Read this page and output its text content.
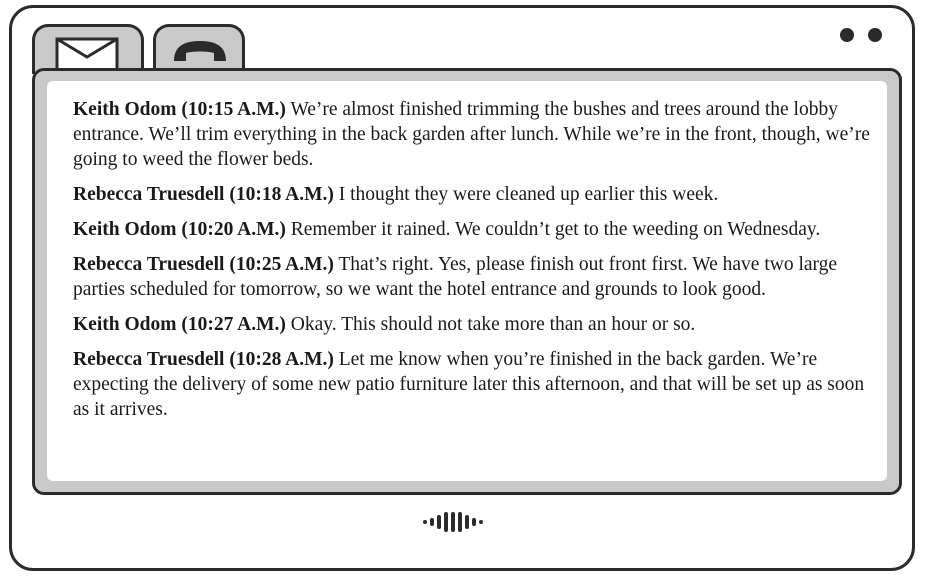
Keith Odom (10:15 A.M.) We’re almost finished trimming the bushes and trees around the lobby entrance. We’ll trim everything in the back garden after lunch. While we’re in the front, though, we’re going to weed the flower beds.

Rebecca Truesdell (10:18 A.M.) I thought they were cleaned up earlier this week.

Keith Odom (10:20 A.M.) Remember it rained. We couldn’t get to the weeding on Wednesday.

Rebecca Truesdell (10:25 A.M.) That’s right. Yes, please finish out front first. We have two large parties scheduled for tomorrow, so we want the hotel entrance and grounds to look good.

Keith Odom (10:27 A.M.) Okay. This should not take more than an hour or so.

Rebecca Truesdell (10:28 A.M.) Let me know when you’re finished in the back garden. We’re expecting the delivery of some new patio furniture later this afternoon, and that will be set up as soon as it arrives.
